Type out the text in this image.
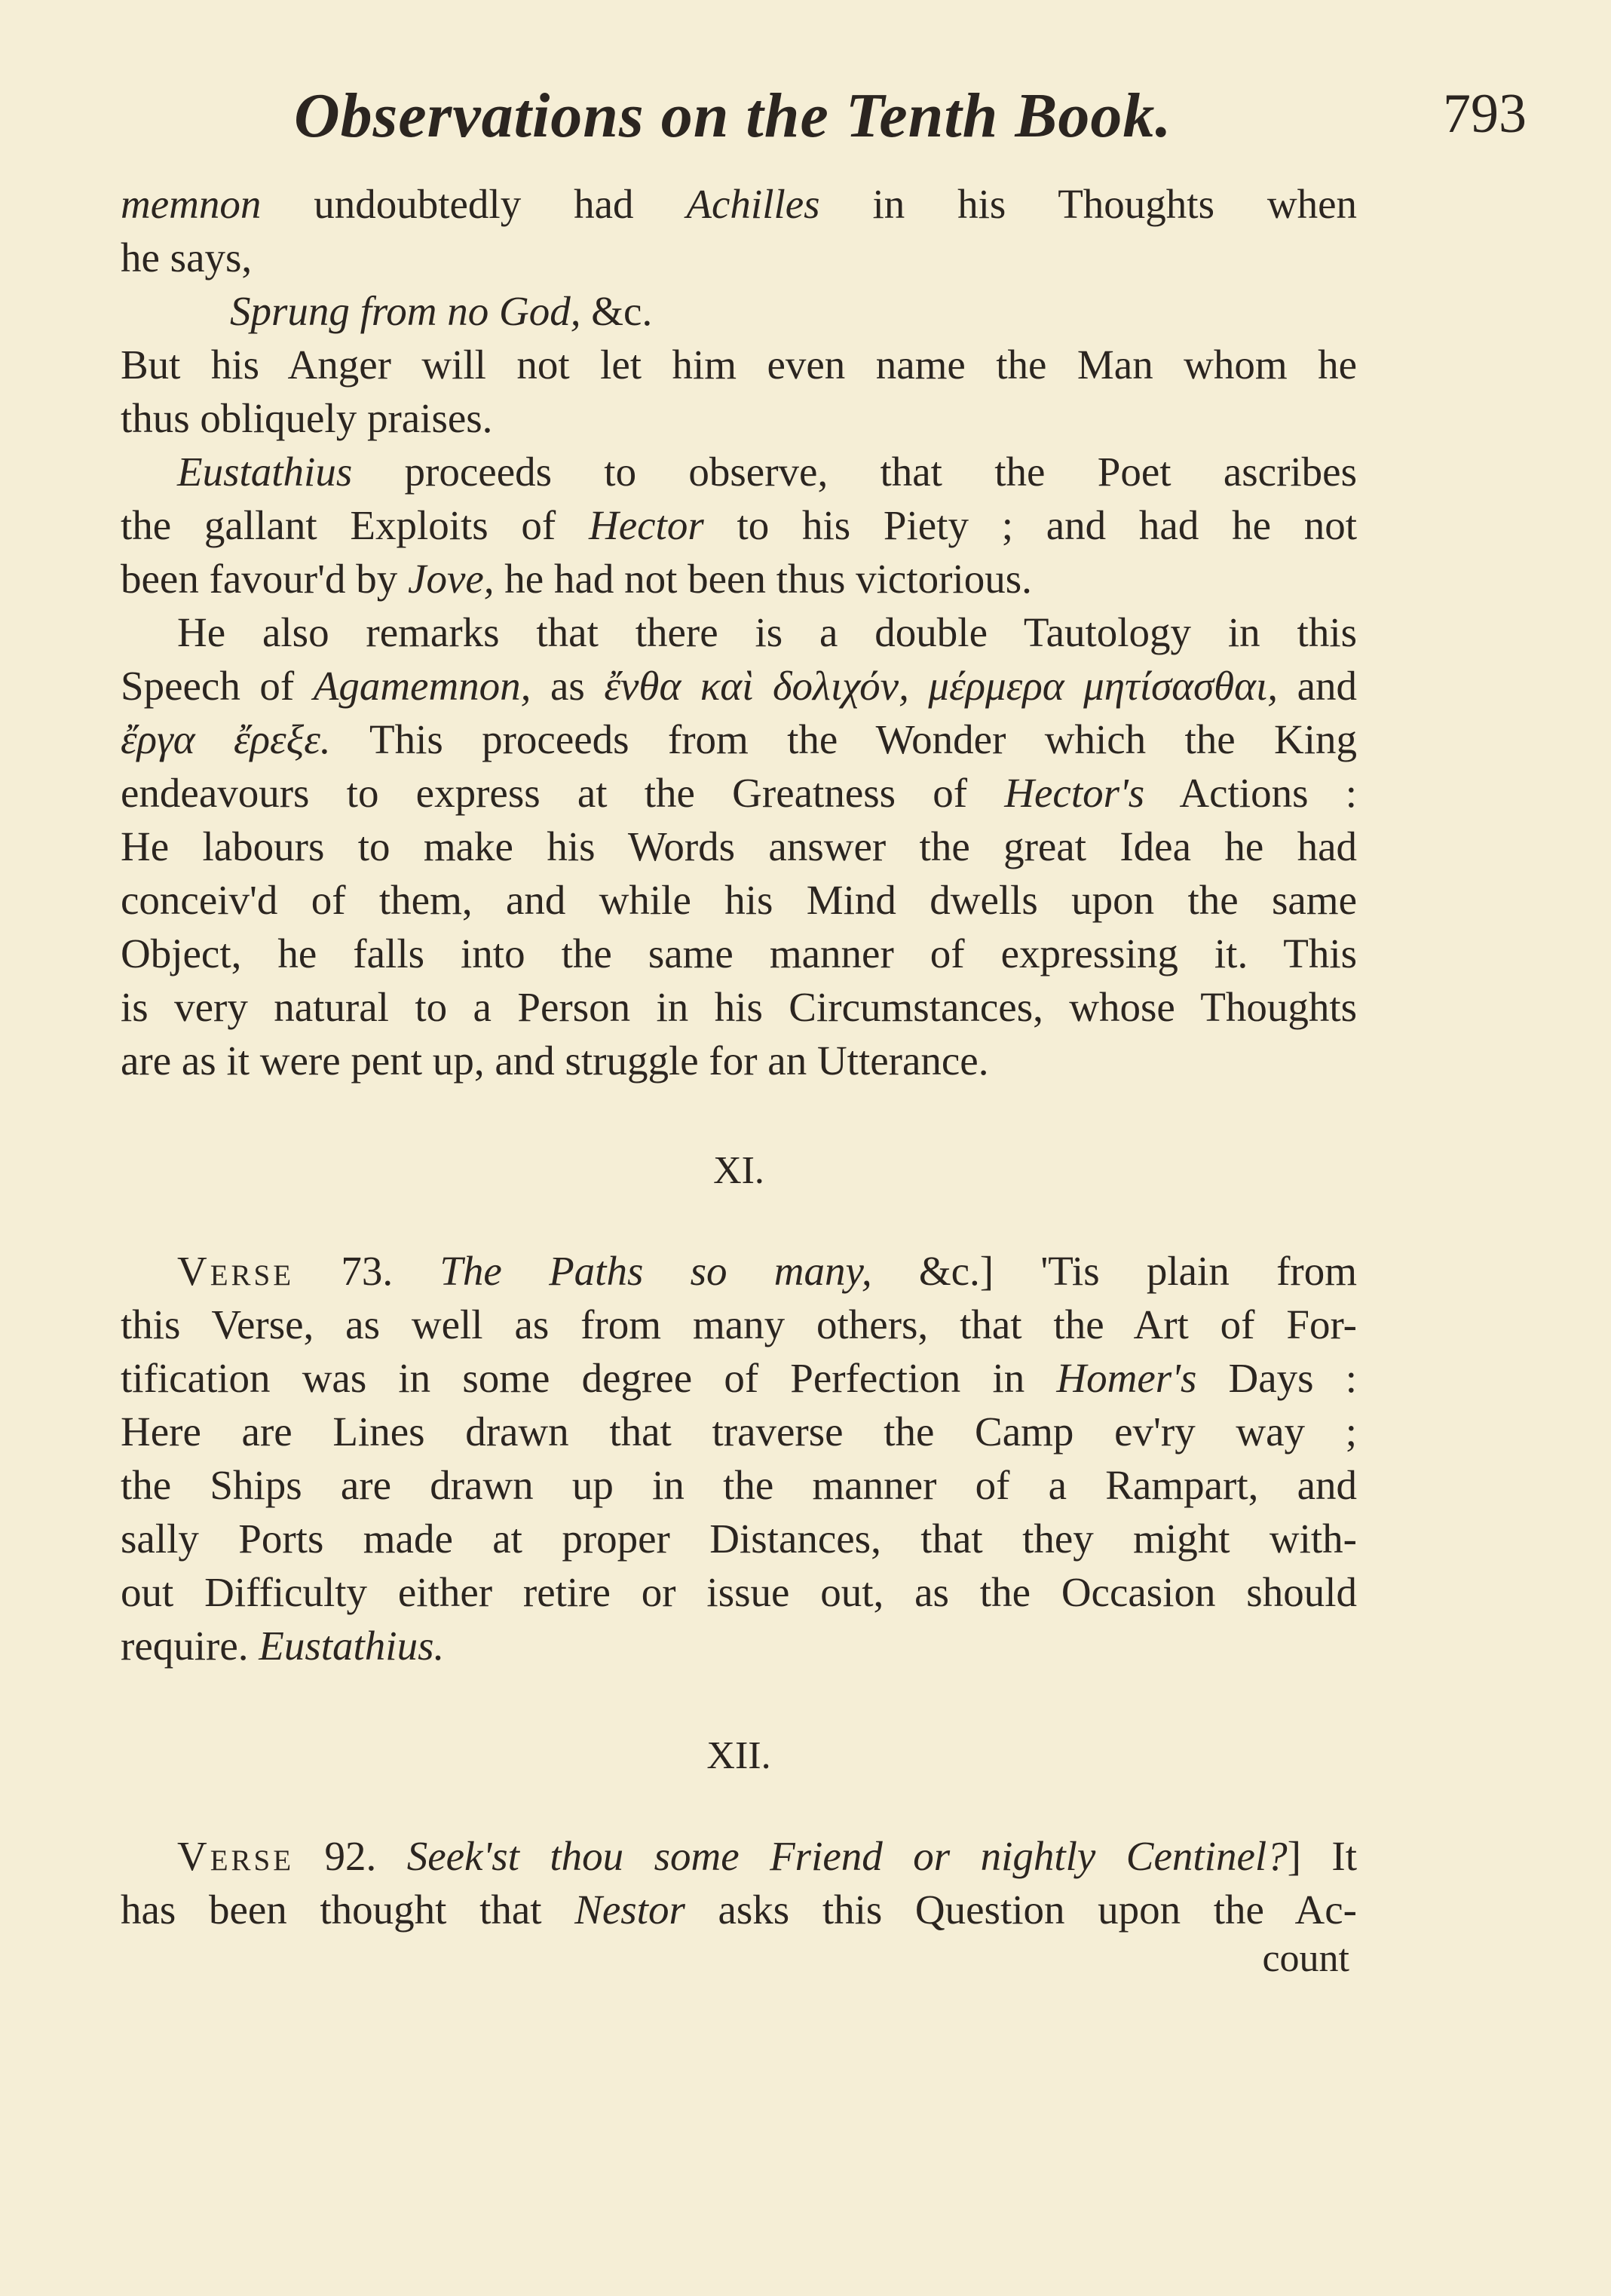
Observations on the Tenth Book.	793

memnon undoubtedly had Achilles in his Thoughts when

he says,

Sprung from no God, &c.

But his Anger will not let him even name the Man whom he

thus obliquely praises.

Eustathius proceeds to observe, that the Poet ascribes

the gallant Exploits of Hector to his Piety ; and had he not

been favour'd by Jove, he had not been thus victorious.

He also remarks that there is a double Tautology in this

Speech of Agamemnon, as ἔνθα καὶ δολιχόν, μέρμερα μητίσασθαι, and

ἔργα ἔρεξε. This proceeds from the Wonder which the King

endeavours to express at the Greatness of Hector's Actions :

He labours to make his Words answer the great Idea he had

conceiv'd of them, and while his Mind dwells upon the same

Object, he falls into the same manner of expressing it. This

is very natural to a Person in his Circumstances, whose Thoughts

are as it were pent up, and struggle for an Utterance.

XI.

Verse 73. The Paths so many, &c.] 'Tis plain from

this Verse, as well as from many others, that the Art of For-

tification was in some degree of Perfection in Homer's Days :

Here are Lines drawn that traverse the Camp ev'ry way ;

the Ships are drawn up in the manner of a Rampart, and

sally Ports made at proper Distances, that they might with-

out Difficulty either retire or issue out, as the Occasion should

require. Eustathius.

XII.

Verse 92. Seek'st thou some Friend or nightly Centinel?] It

has been thought that Nestor asks this Question upon the Ac-

count
